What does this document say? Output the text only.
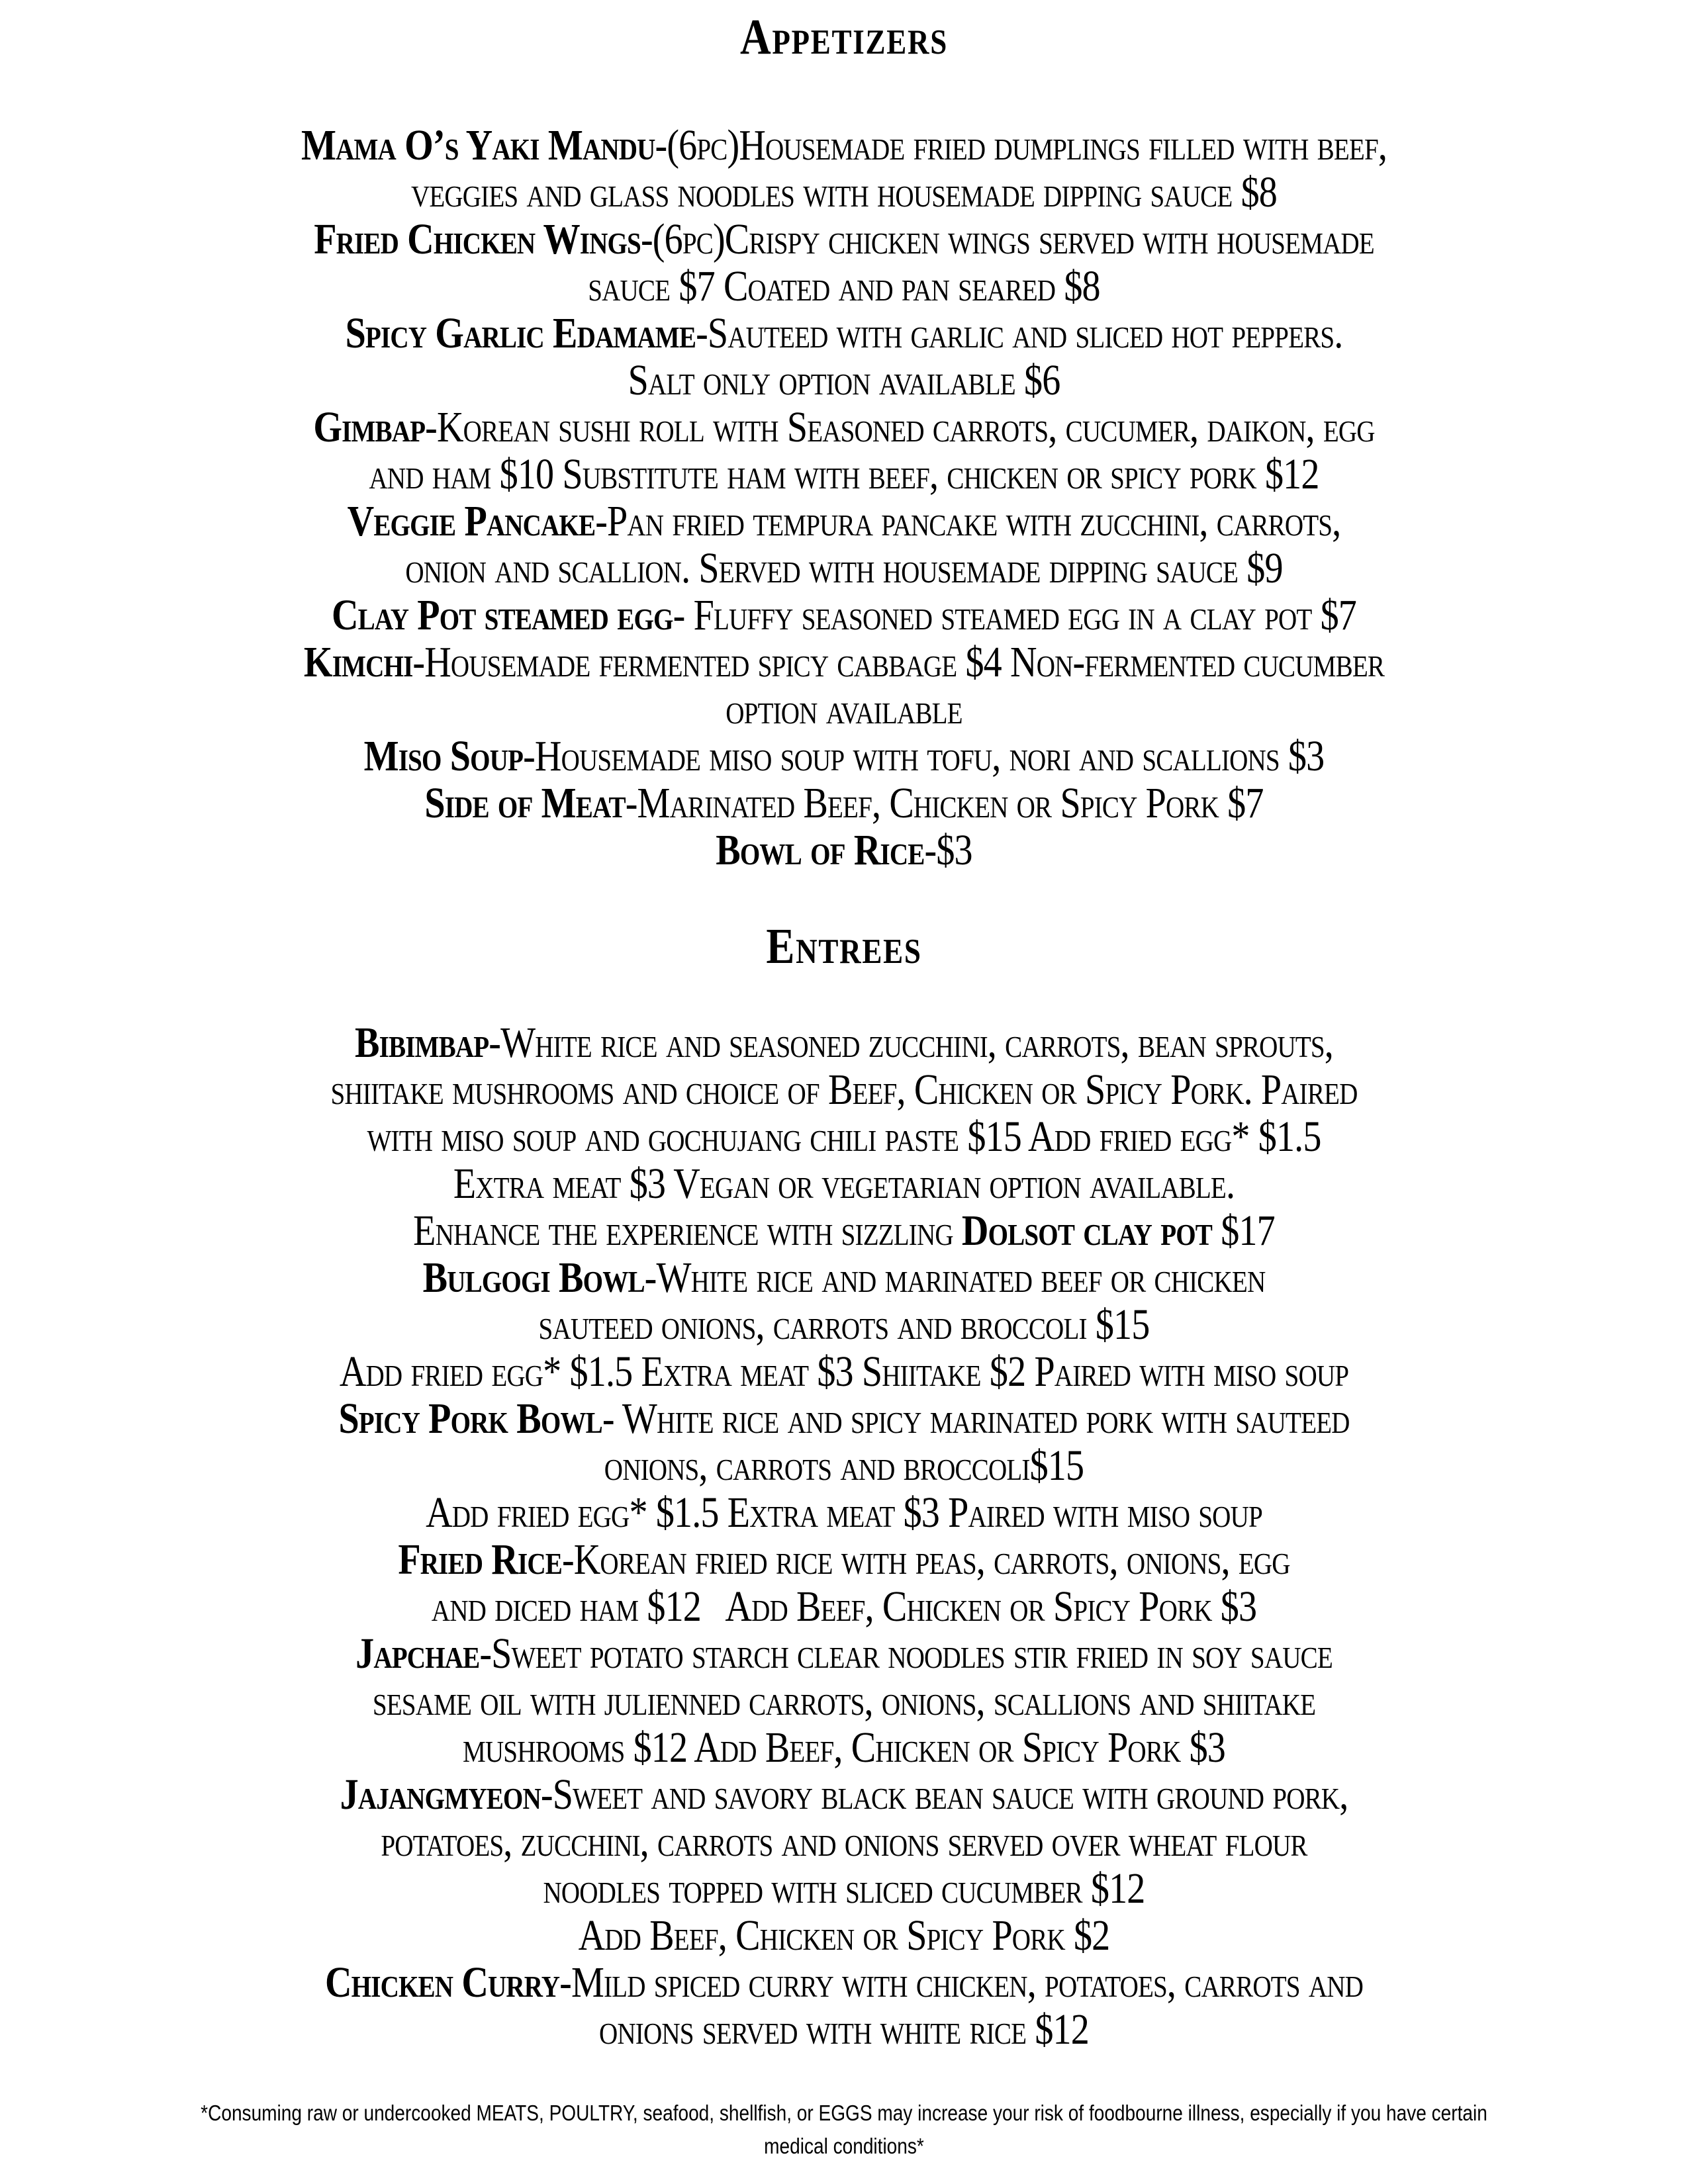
Appetizers
Mama O’s Yaki Mandu-(6pc)Housemade fried dumplings filled with beef,
veggies and glass noodles with housemade dipping sauce $8
Fried Chicken Wings-(6pc)Crispy chicken wings served with housemade
sauce $7 Coated and pan seared $8
Spicy Garlic Edamame-Sauteed with garlic and sliced hot peppers.
Salt only option available $6
Gimbap-Korean sushi roll with Seasoned carrots, cucumer, daikon, egg
and ham $10 Substitute ham with beef, chicken or spicy pork $12
Veggie Pancake-Pan fried tempura pancake with zucchini, carrots,
onion and scallion. Served with housemade dipping sauce $9
Clay Pot steamed egg- Fluffy seasoned steamed egg in a clay pot $7
Kimchi-Housemade fermented spicy cabbage $4 Non-fermented cucumber
option available
Miso Soup-Housemade miso soup with tofu, nori and scallions $3
Side of Meat-Marinated Beef, Chicken or Spicy Pork $7
Bowl of Rice-$3
Entrees
Bibimbap-White rice and seasoned zucchini, carrots, bean sprouts,
shiitake mushrooms and choice of Beef, Chicken or Spicy Pork. Paired
with miso soup and gochujang chili paste $15 Add fried egg* $1.5
Extra meat $3 Vegan or vegetarian option available.
Enhance the experience with sizzling Dolsot clay pot $17
Bulgogi Bowl-White rice and marinated beef or chicken
sauteed onions, carrots and broccoli $15
Add fried egg* $1.5 Extra meat $3 Shiitake $2 Paired with miso soup
Spicy Pork Bowl- White rice and spicy marinated pork with sauteed
onions, carrots and broccoli$15
Add fried egg* $1.5 Extra meat $3 Paired with miso soup
Fried Rice-Korean fried rice with peas, carrots, onions, egg
and diced ham $12   Add Beef, Chicken or Spicy Pork $3
Japchae-Sweet potato starch clear noodles stir fried in soy sauce
sesame oil with julienned carrots, onions, scallions and shiitake
mushrooms $12 Add Beef, Chicken or Spicy Pork $3
Jajangmyeon-Sweet and savory black bean sauce with ground pork,
potatoes, zucchini, carrots and onions served over wheat flour
noodles topped with sliced cucumber $12
Add Beef, Chicken or Spicy Pork $2
Chicken Curry-Mild spiced curry with chicken, potatoes, carrots and
onions served with white rice $12
*Consuming raw or undercooked MEATS, POULTRY, seafood, shellfish, or EGGS may increase your risk of foodbourne illness, especially if you have certain
medical conditions*
